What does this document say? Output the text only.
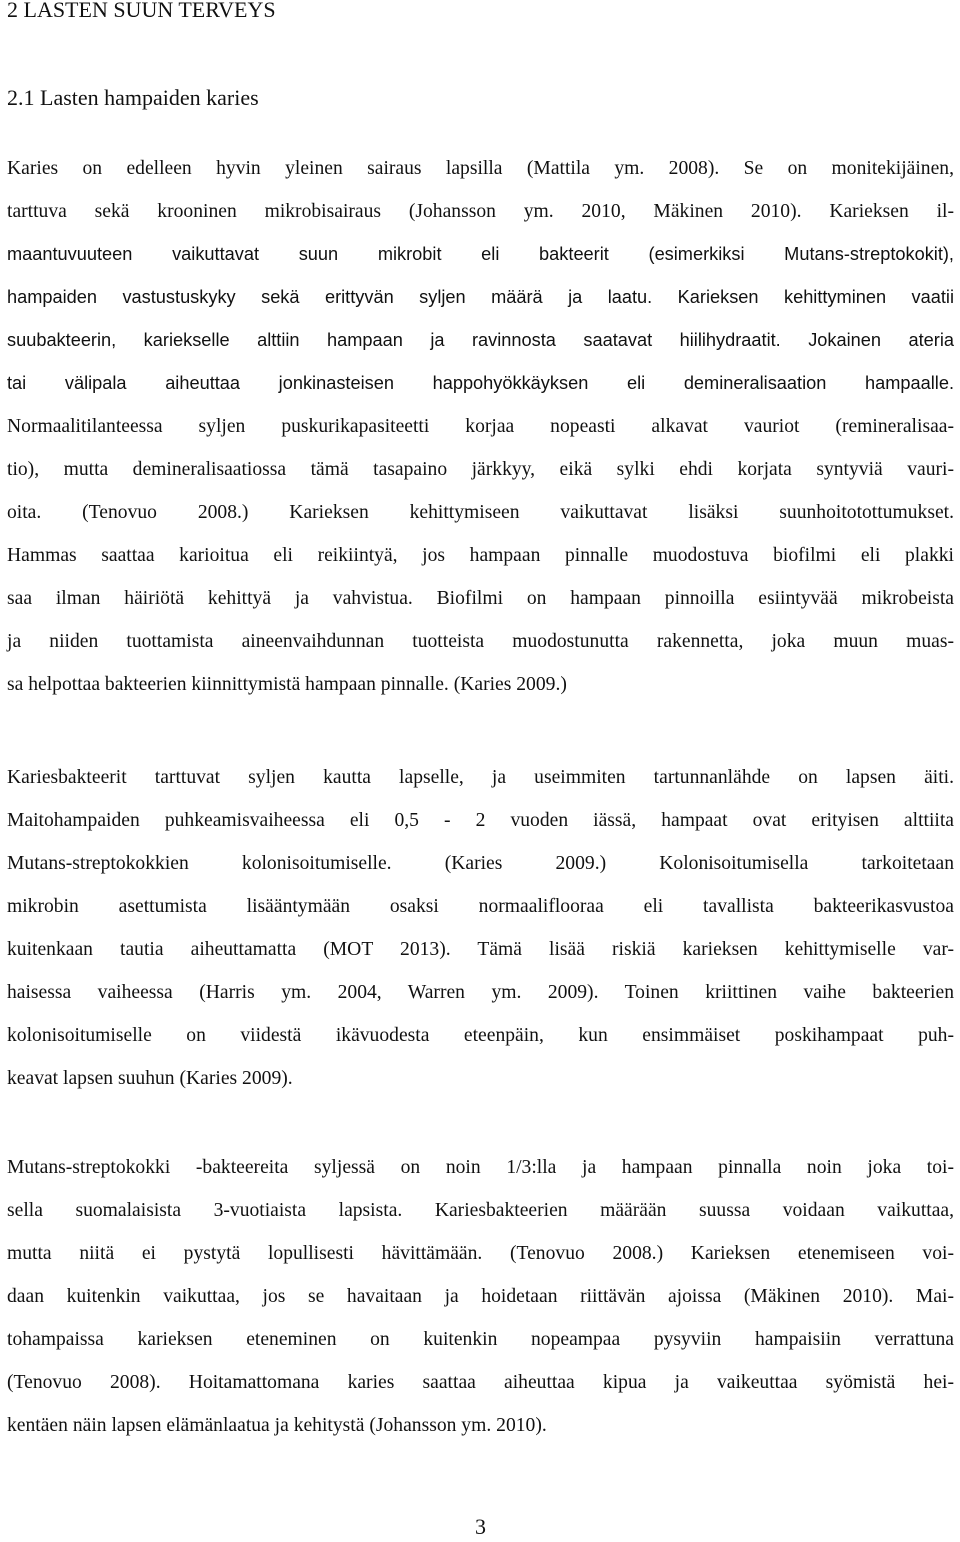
2 LASTEN SUUN TERVEYS
2.1 Lasten hampaiden karies
Karies on edelleen hyvin yleinen sairaus lapsilla (Mattila ym. 2008). Se on monitekijäinen,
tarttuva sekä krooninen mikrobisairaus (Johansson ym. 2010, Mäkinen 2010). Karieksen il-
maantuvuuteen vaikuttavat suun mikrobit eli bakteerit (esimerkiksi Mutans-streptokokit),
hampaiden vastustuskyky sekä erittyvän syljen määrä ja laatu. Karieksen kehittyminen vaatii
suubakteerin, kariekselle alttiin hampaan ja ravinnosta saatavat hiilihydraatit. Jokainen ateria
tai välipala aiheuttaa jonkinasteisen happohyökkäyksen eli demineralisaation hampaalle.
Normaalitilanteessa syljen puskurikapasiteetti korjaa nopeasti alkavat vauriot (remineralisaa-
tio), mutta demineralisaatiossa tämä tasapaino järkkyy, eikä sylki ehdi korjata syntyviä vauri-
oita. (Tenovuo 2008.) Karieksen kehittymiseen vaikuttavat lisäksi suunhoitotottumukset.
Hammas saattaa karioitua eli reikiintyä, jos hampaan pinnalle muodostuva biofilmi eli plakki
saa ilman häiriötä kehittyä ja vahvistua. Biofilmi on hampaan pinnoilla esiintyvää mikrobeista
ja niiden tuottamista aineenvaihdunnan tuotteista muodostunutta rakennetta, joka muun muas-
sa helpottaa bakteerien kiinnittymistä hampaan pinnalle. (Karies 2009.)
Kariesbakteerit tarttuvat syljen kautta lapselle, ja useimmiten tartunnanlähde on lapsen äiti.
Maitohampaiden puhkeamisvaiheessa eli 0,5 - 2 vuoden iässä, hampaat ovat erityisen alttiita
Mutans-streptokokkien kolonisoitumiselle. (Karies 2009.) Kolonisoitumisella tarkoitetaan
mikrobin asettumista lisääntymään osaksi normaaliflooraa eli tavallista bakteerikasvustoa
kuitenkaan tautia aiheuttamatta (MOT 2013). Tämä lisää riskiä karieksen kehittymiselle var-
haisessa vaiheessa (Harris ym. 2004, Warren ym. 2009). Toinen kriittinen vaihe bakteerien
kolonisoitumiselle on viidestä ikävuodesta eteenpäin, kun ensimmäiset poskihampaat puh-
keavat lapsen suuhun (Karies 2009).
Mutans-streptokokki -bakteereita syljessä on noin 1/3:lla ja hampaan pinnalla noin joka toi-
sella suomalaisista 3-vuotiaista lapsista. Kariesbakteerien määrään suussa voidaan vaikuttaa,
mutta niitä ei pystytä lopullisesti hävittämään. (Tenovuo 2008.) Karieksen etenemiseen voi-
daan kuitenkin vaikuttaa, jos se havaitaan ja hoidetaan riittävän ajoissa (Mäkinen 2010). Mai-
tohampaissa karieksen eteneminen on kuitenkin nopeampaa pysyviin hampaisiin verrattuna
(Tenovuo 2008). Hoitamattomana karies saattaa aiheuttaa kipua ja vaikeuttaa syömistä hei-
kentäen näin lapsen elämänlaatua ja kehitystä (Johansson ym. 2010).
3
